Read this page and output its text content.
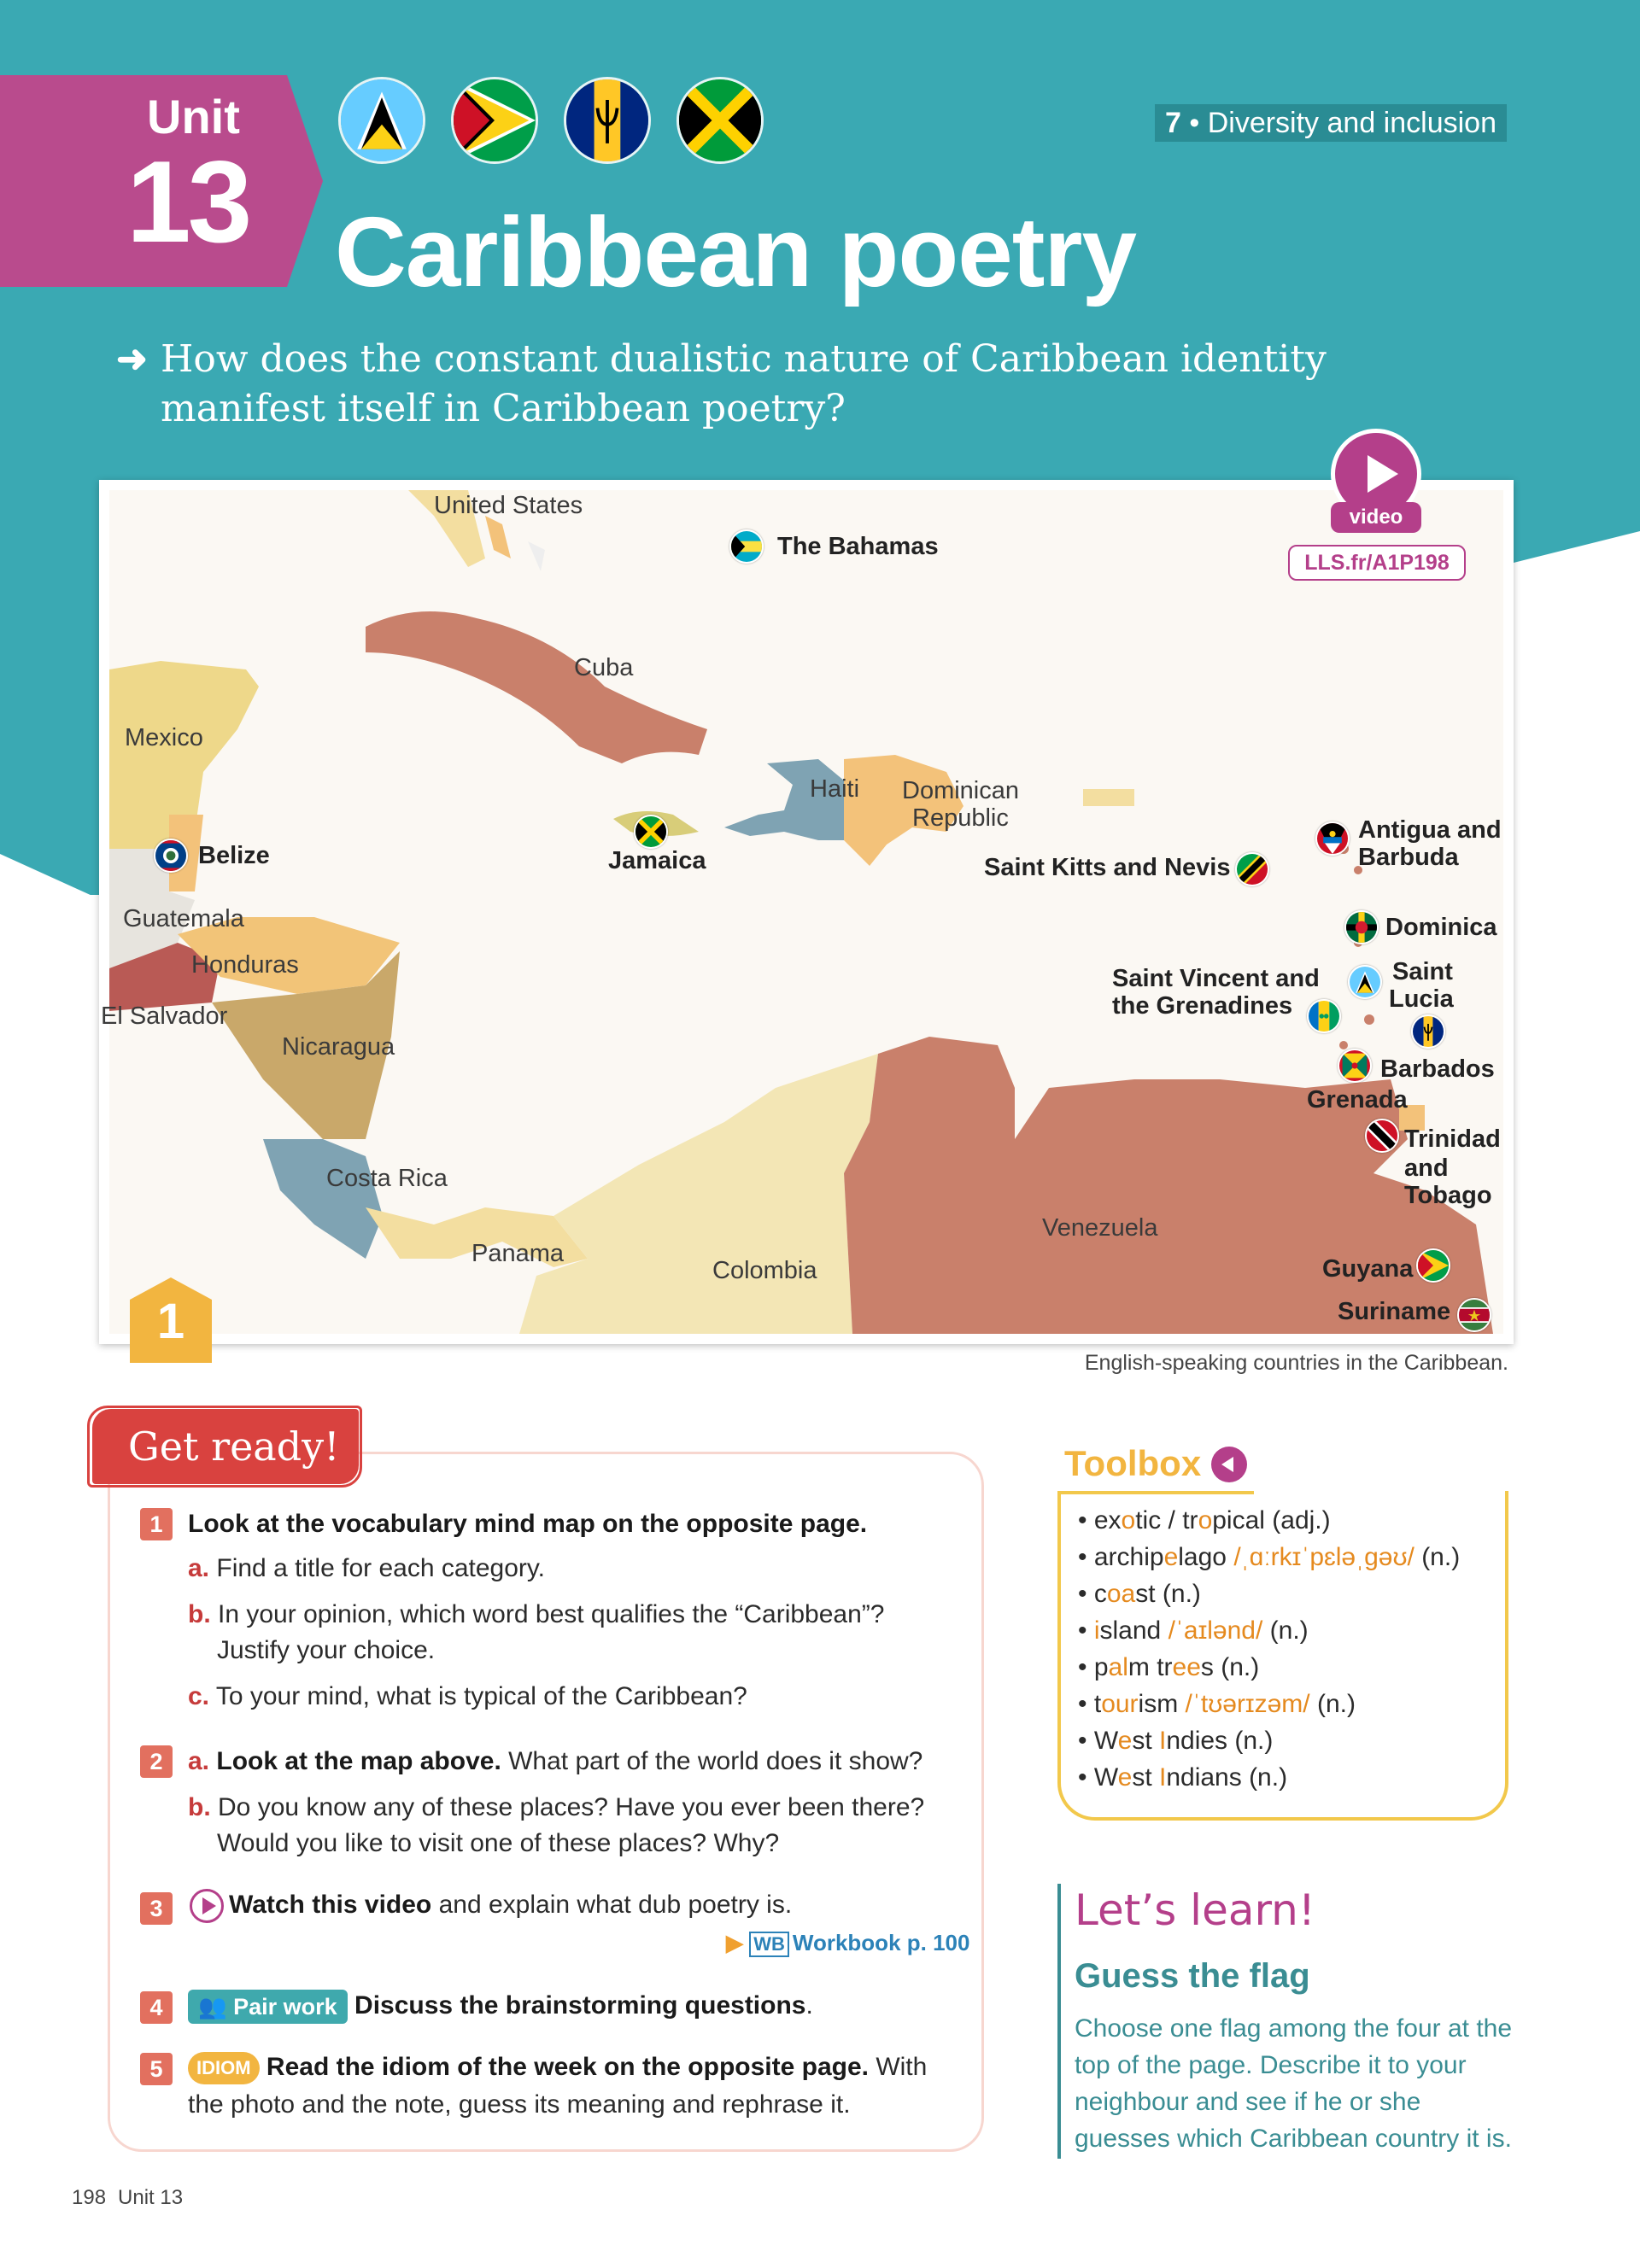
Unit
13
7 • Diversity and inclusion
Caribbean poetry
➜ How does the constant dualistic nature of Caribbean identity manifest itself in Caribbean poetry?
United States
The Bahamas
Cuba
Mexico
Haiti Dominican
Republic
Belize	Jamaica	Saint Kitts and Nevis
Antigua and
Barbuda
Guatemala
Honduras
Dominica
El Salvador
Saint Vincent and
the Grenadines
Saint
Lucia
Nicaragua
Barbados
Grenada
Trinidad
and
Tobago
Costa Rica
Venezuela
Panama
Colombia	Guyana
Suriname
video
LLS.fr/A1P198
1
English-speaking countries in the Caribbean.
Get ready!
1 Look at the vocabulary mind map on the opposite page.
a. Find a title for each category.
b. In your opinion, which word best qualifies the “Caribbean”?
Justify your choice.
c. To your mind, what is typical of the Caribbean?
2 a. Look at the map above. What part of the world does it show?
b. Do you know any of these places? Have you ever been there?
Would you like to visit one of these places? Why?
3	Watch this video and explain what dub poetry is.
▶ WB Workbook p. 100
4	👥 Pair work Discuss the brainstorming questions.
5	IDIOM Read the idiom of the week on the opposite page. With
the photo and the note, guess its meaning and rephrase it.
Toolbox
• exotic / tropical (adj.)
• archipelago /ˌɑːrkɪˈpɛləˌɡəʊ/ (n.)
• coast (n.)
• island /ˈaɪlənd/ (n.)
• palm trees (n.)
• tourism /ˈtʊərɪzəm/ (n.)
• West Indies (n.)
• West Indians (n.)
Let’s learn!
Guess the flag
Choose one flag among the four at the top of the page. Describe it to your neighbour and see if he or she guesses which Caribbean country it is.
198 Unit 13
